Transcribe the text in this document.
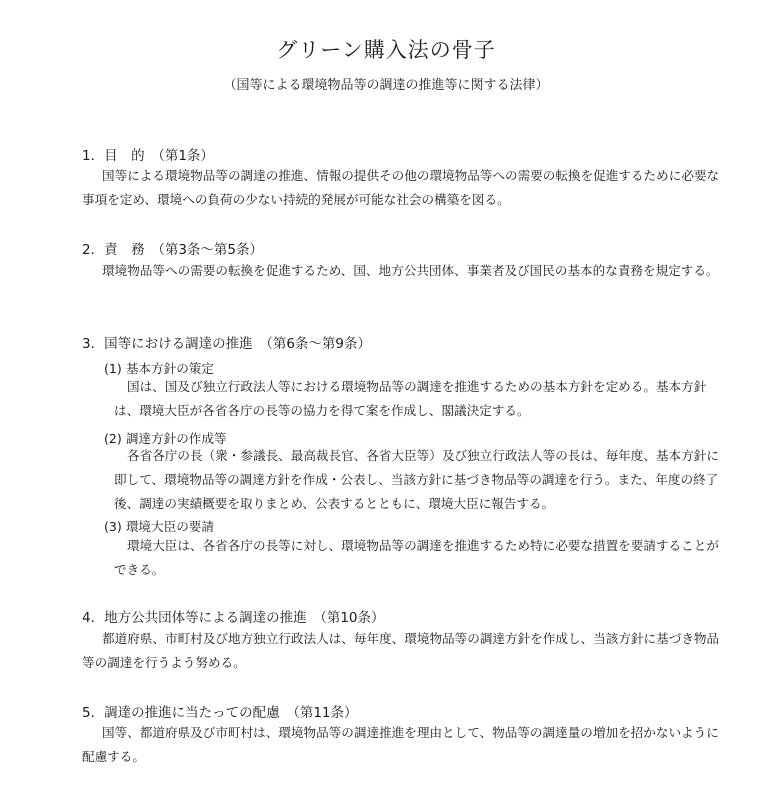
グリーン購入法の骨子

（国等による環境物品等の調達の推進等に関する法律）

1．目　的　（第1条）

国等による環境物品等の調達の推進、情報の提供その他の環境物品等への需要の転換を促進するために必要な事項を定め、環境への負荷の少ない持続的発展が可能な社会の構築を図る。

2．責　務　（第3条～第5条）

環境物品等への需要の転換を促進するため、国、地方公共団体、事業者及び国民の基本的な責務を規定する。

3．国等における調達の推進　（第6条～第9条）

(1) 基本方針の策定

国は、国及び独立行政法人等における環境物品等の調達を推進するための基本方針を定める。基本方針は、環境大臣が各省各庁の長等の協力を得て案を作成し、閣議決定する。

(2) 調達方針の作成等

各省各庁の長（衆・参議長、最高裁長官、各省大臣等）及び独立行政法人等の長は、毎年度、基本方針に即して、環境物品等の調達方針を作成・公表し、当該方針に基づき物品等の調達を行う。また、年度の終了後、調達の実績概要を取りまとめ、公表するとともに、環境大臣に報告する。

(3) 環境大臣の要請

環境大臣は、各省各庁の長等に対し、環境物品等の調達を推進するため特に必要な措置を要請することができる。

4．地方公共団体等による調達の推進　（第10条）

都道府県、市町村及び地方独立行政法人は、毎年度、環境物品等の調達方針を作成し、当該方針に基づき物品等の調達を行うよう努める。

5．調達の推進に当たっての配慮　（第11条）

国等、都道府県及び市町村は、環境物品等の調達推進を理由として、物品等の調達量の増加を招かないように配慮する。
